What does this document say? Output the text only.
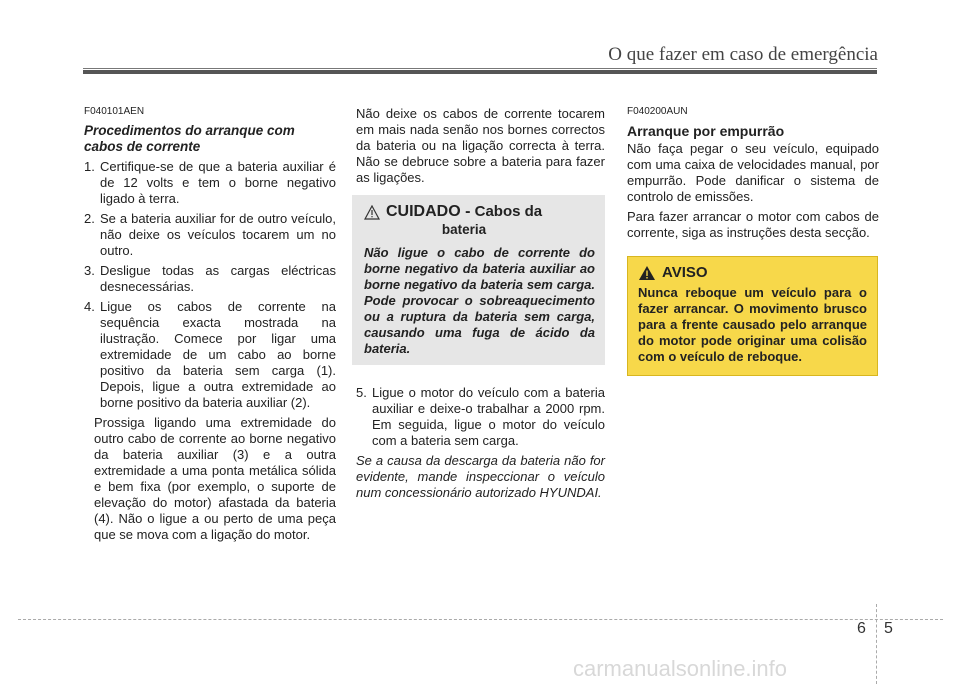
O que fazer em caso de emergência
F040101AEN
Procedimentos do arranque com cabos de corrente
1. Certifique-se de que a bateria auxiliar é de 12 volts e tem o borne negativo ligado à terra.
2. Se a bateria auxiliar for de outro veículo, não deixe os veículos tocarem um no outro.
3. Desligue todas as cargas eléctricas desnecessárias.
4. Ligue os cabos de corrente na sequência exacta mostrada na ilustração. Comece por ligar uma extremidade de um cabo ao borne positivo da bateria sem carga (1). Depois, ligue a outra extremidade ao borne positivo da bateria auxiliar (2).

Prossiga ligando uma extremidade do outro cabo de corrente ao borne negativo da bateria auxiliar (3) e a outra extremidade a uma ponta metálica sólida e bem fixa (por exemplo, o suporte de elevação do motor) afastada da bateria (4). Não o ligue a ou perto de uma peça que se mova com a ligação do motor.

Não deixe os cabos de corrente tocarem em mais nada senão nos bornes correctos da bateria ou na ligação correcta à terra. Não se debruce sobre a bateria para fazer as ligações.

CUIDADO - Cabos da
bateria

Não ligue o cabo de corrente do borne negativo da bateria auxiliar ao borne negativo da bateria sem carga. Pode provocar o sobreaquecimento ou a ruptura da bateria sem carga, causando uma fuga de ácido da bateria.

5. Ligue o motor do veículo com a bateria auxiliar e deixe-o trabalhar a 2000 rpm. Em seguida, ligue o motor do veículo com a bateria sem carga.

Se a causa da descarga da bateria não for evidente, mande inspeccionar o veículo num concessionário autorizado HYUNDAI.

F040200AUN
Arranque por empurrão

Não faça pegar o seu veículo, equipado com uma caixa de velocidades manual, por empurrão. Pode danificar o sistema de controlo de emissões.

Para fazer arrancar o motor com cabos de corrente, siga as instruções desta secção.

AVISO

Nunca reboque um veículo para o fazer arrancar. O movimento brusco para a frente causado pelo arranque do motor pode originar uma colisão com o veículo de reboque.

6 5
carmanualsonline.info
